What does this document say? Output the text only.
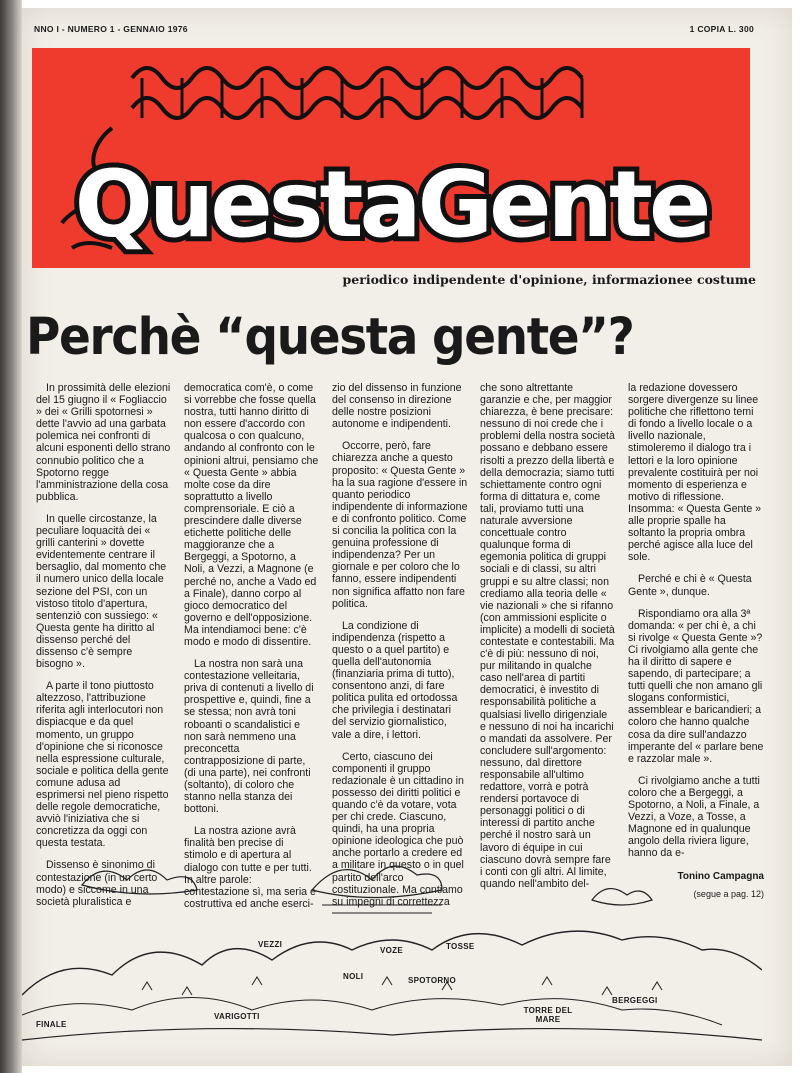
NNO I - NUMERO 1 - GENNAIO 1976	1 COPIA L. 300
QuestaGente
periodico indipendente d'opinione, informazionee costume
Perchè “questa gente”?

In prossimità delle elezioni del 15 giugno il « Fogliaccio » dei « Grilli spotornesi » dette l'avvio ad una garbata polemica nei confronti di alcuni esponenti dello strano connubio politico che a Spotorno regge l'amministrazione della cosa pubblica.

In quelle circostanze, la peculiare loquacità dei « grilli canterini » dovette evidentemente centrare il bersaglio, dal momento che il numero unico della locale sezione del PSI, con un vistoso titolo d'apertura, sentenziò con sussiego: « Questa gente ha diritto al dissenso perché del dissenso c'è sempre bisogno ».

A parte il tono piuttosto altezzoso, l'attribuzione riferita agli interlocutori non dispiacque e da quel momento, un gruppo d'opinione che si riconosce nella espressione culturale, sociale e politica della gente comune adusa ad esprimersi nel pieno rispetto delle regole democratiche, avviò l'iniziativa che si concretizza da oggi con questa testata.

Dissenso è sinonimo di contestazione (in un certo modo) e siccome in una società pluralistica e

democratica com'è, o come si vorrebbe che fosse quella nostra, tutti hanno diritto di non essere d'accordo con qualcosa o con qualcuno, andando al confronto con le opinioni altrui, pensiamo che « Questa Gente » abbia molte cose da dire soprattutto a livello comprensoriale. E ciò a prescindere dalle diverse etichette politiche delle maggioranze che a Bergeggi, a Spotorno, a Noli, a Vezzi, a Magnone (e perché no, anche a Vado ed a Finale), danno corpo al gioco democratico del governo e dell'opposizione. Ma intendiamoci bene: c'è modo e modo di dissentire.

La nostra non sarà una contestazione velleitaria, priva di contenuti a livello di prospettive e, quindi, fine a se stessa; non avrà toni roboanti o scandalistici e non sarà nemmeno una preconcetta contrapposizione di parte, (di una parte), nei confronti (soltanto), di coloro che stanno nella stanza dei bottoni.

La nostra azione avrà finalità ben precise di stimolo e di apertura al dialogo con tutte e per tutti. In altre parole: contestazione sì, ma seria e costruttiva ed anche eserci-

zio del dissenso in funzione del consenso in direzione delle nostre posizioni autonome e indipendenti.

Occorre, però, fare chiarezza anche a questo proposito: « Questa Gente » ha la sua ragione d'essere in quanto periodico indipendente di informazione e di confronto politico. Come si concilia la politica con la genuina professione di indipendenza? Per un giornale e per coloro che lo fanno, essere indipendenti non significa affatto non fare politica.

La condizione di indipendenza (rispetto a questo o a quel partito) e quella dell'autonomia (finanziaria prima di tutto), consentono anzi, di fare politica pulita ed ortodossa che privilegia i destinatari del servizio giornalistico, vale a dire, i lettori.

Certo, ciascuno dei componenti il gruppo redazionale è un cittadino in possesso dei diritti politici e quando c'è da votare, vota per chi crede. Ciascuno, quindi, ha una propria opinione ideologica che può anche portarlo a credere ed a militare in questo o in quel partito dell'arco costituzionale. Ma contiamo su impegni di correttezza

che sono altrettante garanzie e che, per maggior chiarezza, è bene precisare: nessuno di noi crede che i problemi della nostra società possano e debbano essere risolti a prezzo della libertà e della democrazia; siamo tutti schiettamente contro ogni forma di dittatura e, come tali, proviamo tutti una naturale avversione concettuale contro qualunque forma di egemonia politica di gruppi sociali e di classi, su altri gruppi e su altre classi; non crediamo alla teoria delle « vie nazionali » che si rifanno (con ammissioni esplicite o implicite) a modelli di società contestate e contestabili. Ma c'è di più: nessuno di noi, pur militando in qualche caso nell'area di partiti democratici, è investito di responsabilità politiche a qualsiasi livello dirigenziale e nessuno di noi ha incarichi o mandati da assolvere. Per concludere sull'argomento: nessuno, dal direttore responsabile all'ultimo redattore, vorrà e potrà rendersi portavoce di personaggi politici o di interessi di partito anche perché il nostro sarà un lavoro di équipe in cui ciascuno dovrà sempre fare i conti con gli altri. Al limite, quando nell'ambito del-

la redazione dovessero sorgere divergenze su linee politiche che riflettono temi di fondo a livello locale o a livello nazionale, stimoleremo il dialogo tra i lettori e la loro opinione prevalente costituirà per noi momento di esperienza e motivo di riflessione. Insomma: « Questa Gente » alle proprie spalle ha soltanto la propria ombra perché agisce alla luce del sole.

Perché e chi è « Questa Gente », dunque.

Rispondiamo ora alla 3ª domanda: « per chi è, a chi si rivolge « Questa Gente »? Ci rivolgiamo alla gente che ha il diritto di sapere e sapendo, di partecipare; a tutti quelli che non amano gli slogans conformistici, assemblear e baricandieri; a coloro che hanno qualche cosa da dire sull'andazzo imperante del « parlare bene e razzolar male ».

Ci rivolgiamo anche a tutti coloro che a Bergeggi, a Spotorno, a Noli, a Finale, a Vezzi, a Voze, a Tosse, a Magnone ed in qualunque angolo della riviera ligure, hanno da e-

Tonino Campagna
(segue a pag. 12)
VEZZI
VOZE	TOSSE
NOLI	SPOTORNO
FINALE
VARIGOTTI
TORRE DEL MARE
BERGEGGI
